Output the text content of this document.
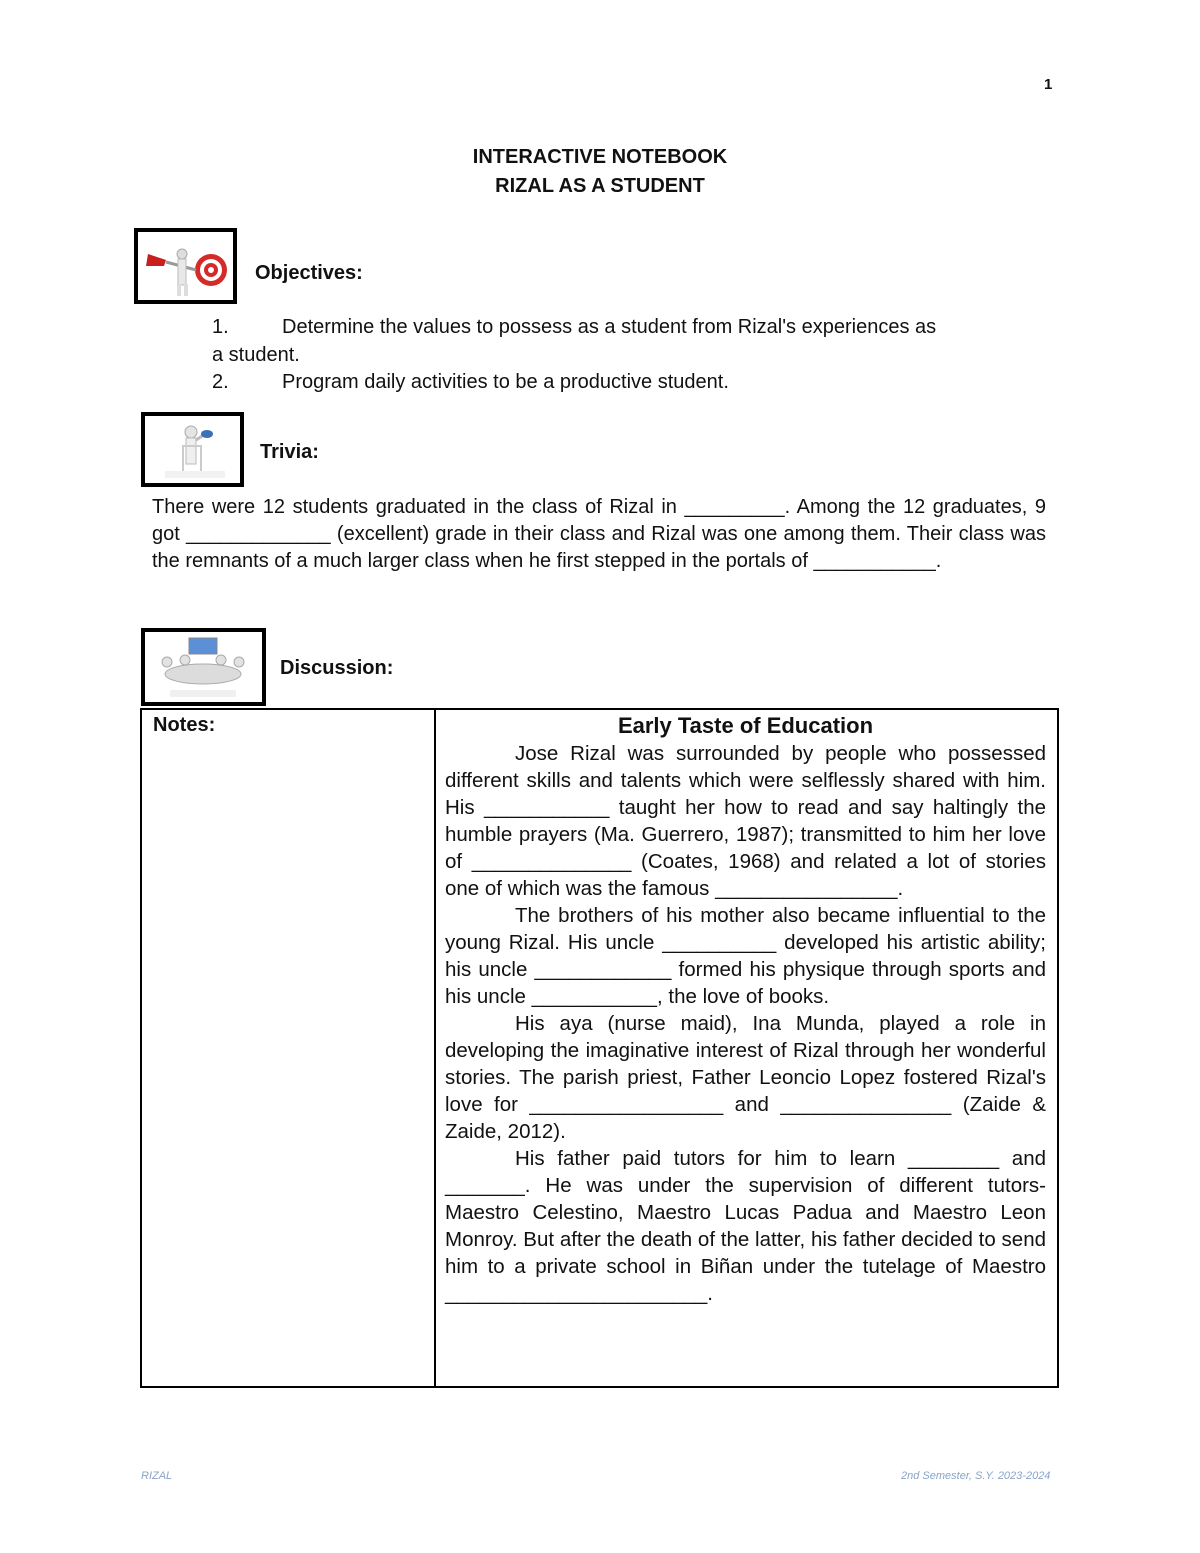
1
INTERACTIVE NOTEBOOK
RIZAL AS A STUDENT
Objectives:
1.	Determine the values to possess as a student from Rizal's experiences as
a student.
2.	Program daily activities to be a productive student.
Trivia:
There were 12 students graduated in the class of Rizal in _________. Among the 12 graduates, 9 got _____________ (excellent) grade in their class and Rizal was one among them. Their class was the remnants of a much larger class when he first stepped in the portals of ___________.
Discussion:
Notes:	Early Taste of Education

Jose Rizal was surrounded by people who possessed different skills and talents which were selflessly shared with him. His ___________ taught her how to read and say haltingly the humble prayers (Ma. Guerrero, 1987); transmitted to him her love of ______________ (Coates, 1968) and related a lot of stories one of which was the famous ________________.

The brothers of his mother also became influential to the young Rizal. His uncle __________ developed his artistic ability; his uncle ____________ formed his physique through sports and his uncle ___________, the love of books.

His aya (nurse maid), Ina Munda, played a role in developing the imaginative interest of Rizal through her wonderful stories. The parish priest, Father Leoncio Lopez fostered Rizal's love for _________________ and _______________ (Zaide & Zaide, 2012).

His father paid tutors for him to learn ________ and _______. He was under the supervision of different tutors- Maestro Celestino, Maestro Lucas Padua and Maestro Leon Monroy. But after the death of the latter, his father decided to send him to a private school in Biñan under the tutelage of Maestro _______________________.

RIZAL	2nd Semester, S.Y. 2023-2024
